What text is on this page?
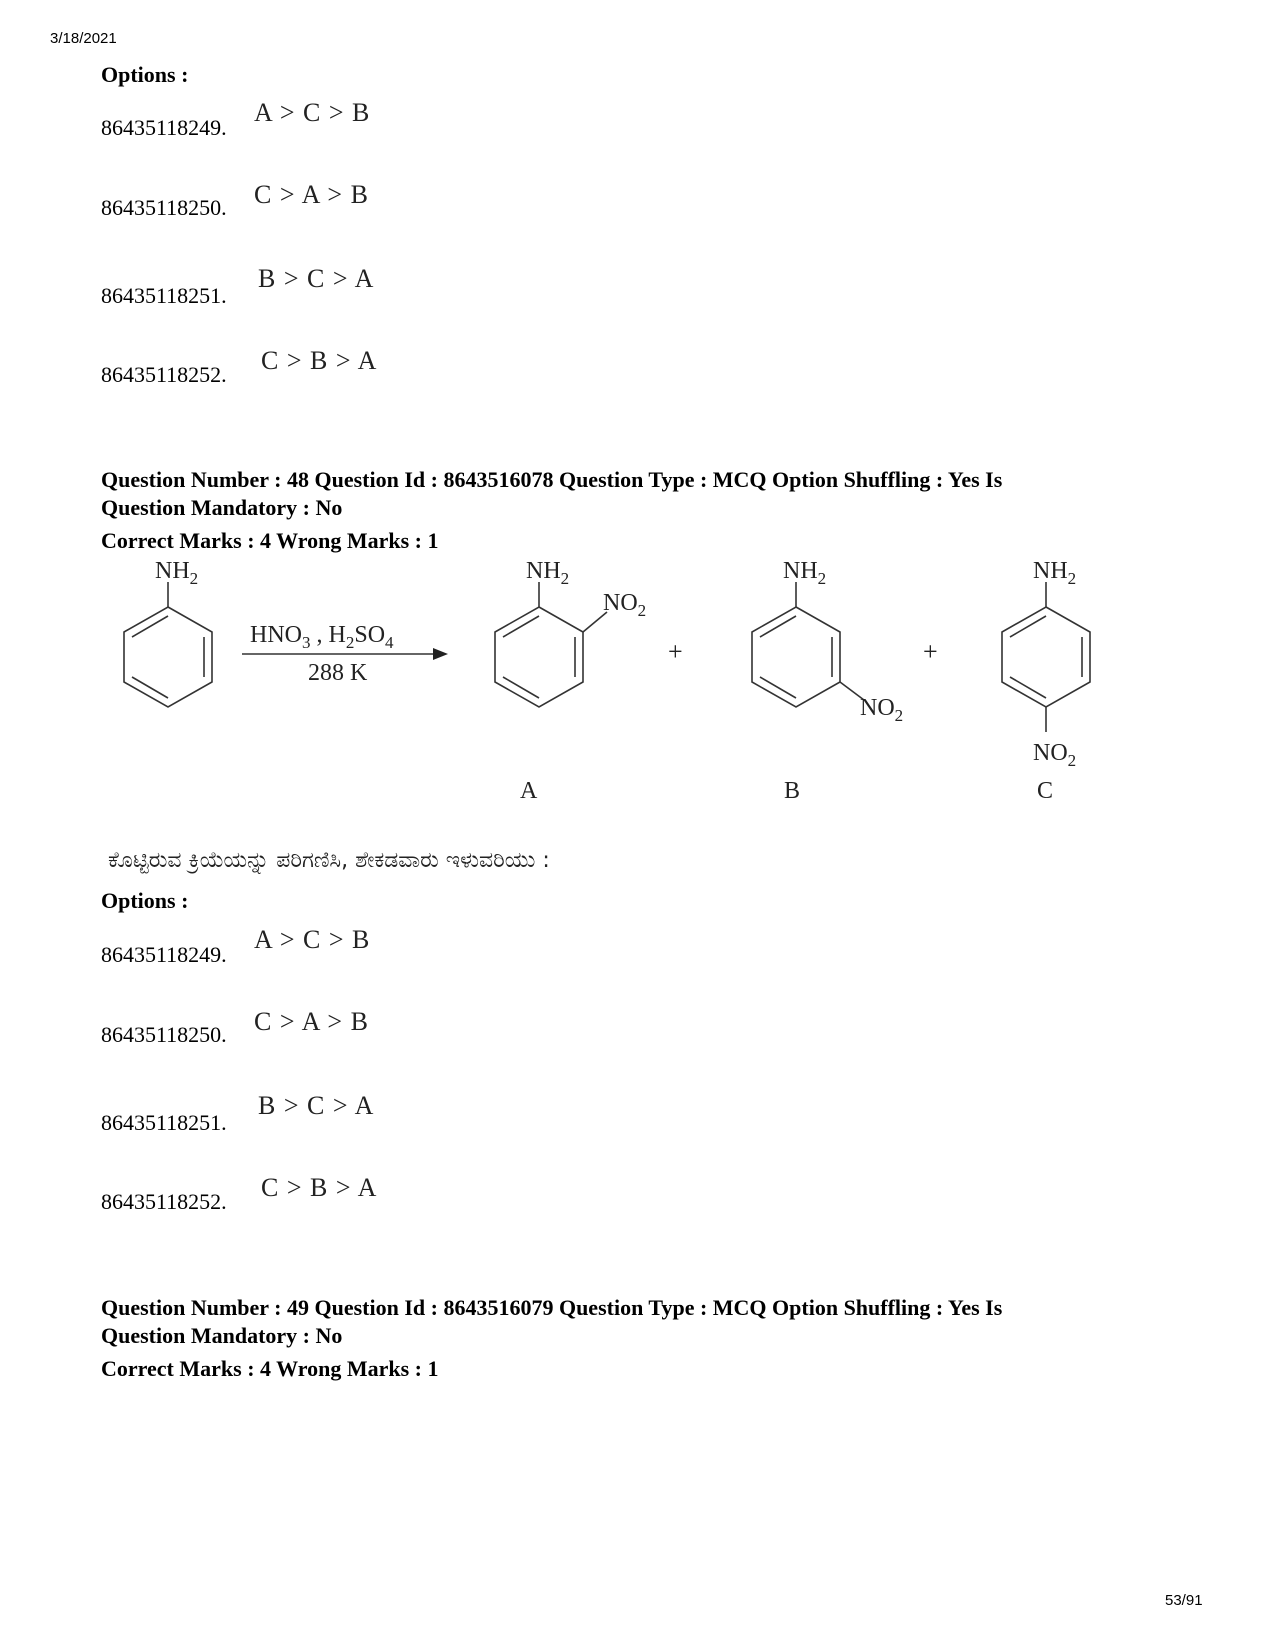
3/18/2021
Options :
86435118249.
A > C > B
86435118250. C > A > B
86435118251.
B > C > A
86435118252. C > B > A
Question Number : 48 Question Id : 8643516078 Question Type : MCQ Option Shuffling : Yes Is
Question Mandatory : No
Correct Marks : 4 Wrong Marks : 1
$NH_2$
$HNO_3$ , $H_2SO_4$
288 K
$NH_2$
$NO_2$
+
$NH_2$
$NO_2$
+
$NH_2$
$NO_2$
A	B	C
ಕೊಟ್ಟಿರುವ ಕ್ರಿಯೆಯನ್ನು ಪರಿಗಣಿಸಿ, ಶೇಕಡವಾರು ಇಳುವರಿಯು :
Options :
86435118249.
A > C > B
86435118250. C > A > B
86435118251.
B > C > A
86435118252. C > B > A
Question Number : 49 Question Id : 8643516079 Question Type : MCQ Option Shuffling : Yes Is
Question Mandatory : No
Correct Marks : 4 Wrong Marks : 1
53/91
